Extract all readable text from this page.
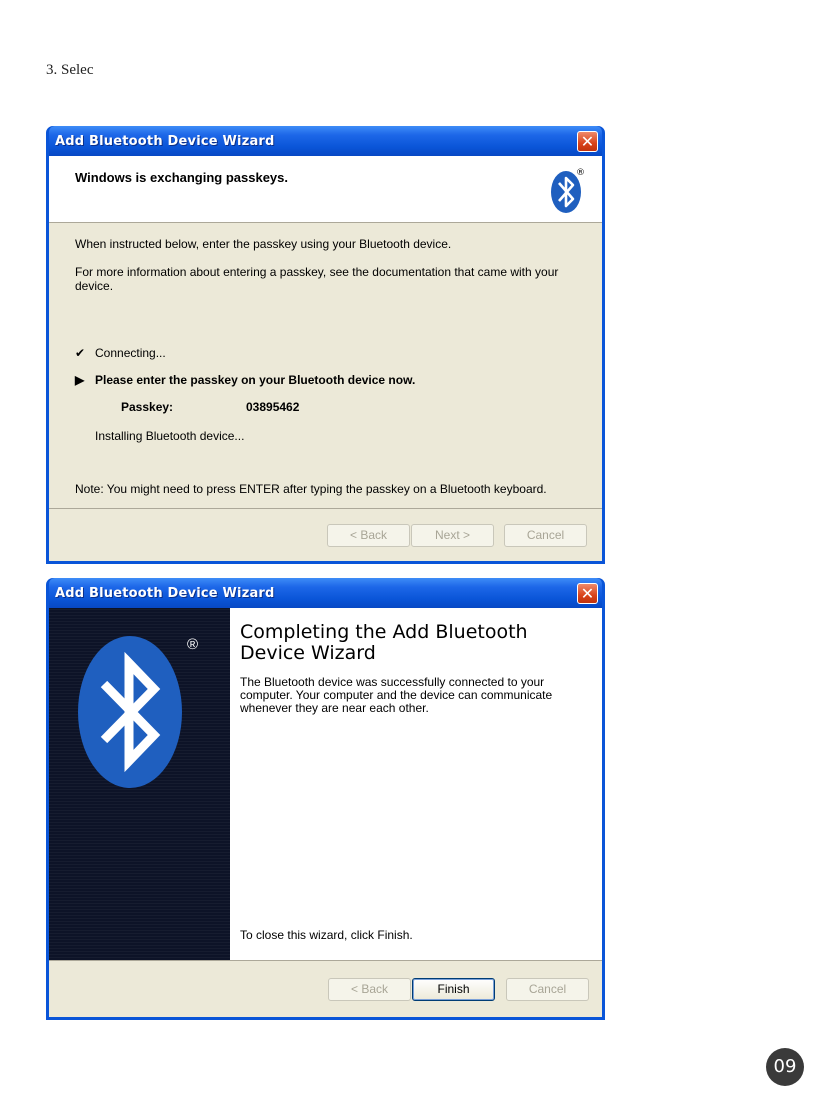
3. Selec
Add Bluetooth Device Wizard	✕
Windows is exchanging passkeys.	®
When instructed below, enter the passkey using your Bluetooth device.
For more information about entering a passkey, see the documentation that came with your device.
✔ Connecting...
▶ Please enter the passkey on your Bluetooth device now.
Passkey:	03895462
Installing Bluetooth device...
Note: You might need to press ENTER after typing the passkey on a Bluetooth keyboard.
< Back	Next >	Cancel
Add Bluetooth Device Wizard	✕
®
Completing the Add Bluetooth Device Wizard
The Bluetooth device was successfully connected to your computer. Your computer and the device can communicate whenever they are near each other.
To close this wizard, click Finish.
< Back	Finish	Cancel
09
